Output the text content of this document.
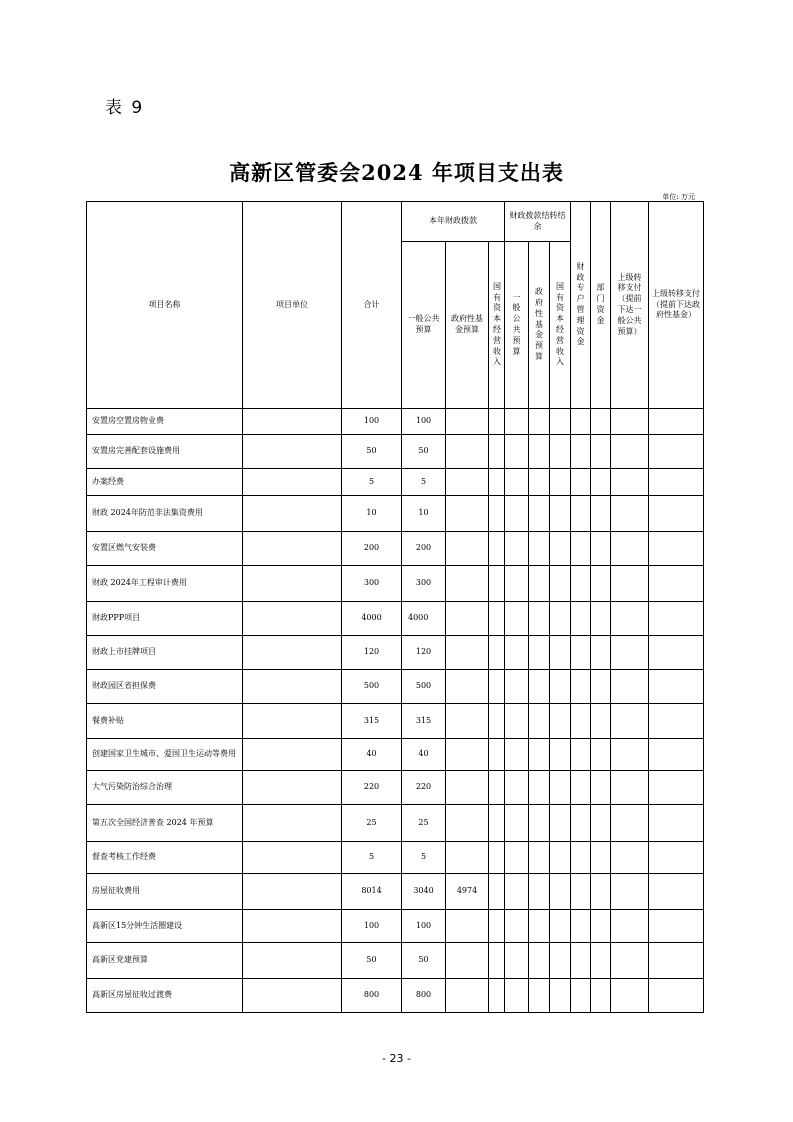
表 9
高新区管委会2024 年项目支出表
单位: 万元
项目名称	项目单位	合计	本年财政拨款			财政拨款结转结余			财政专户管理资金	部门资金	上级转移支付（提前下达一般公共预算）	上级转移支付（提前下达政府性基金）
			一般公共预算	政府性基金预算	国有资本经营收入	一般公共预算	政府性基金预算	国有资本经营收入				
安置房空置房物业费		100	100									
安置房完善配套设施费用		50	50									
办案经费		5	5									
财政 2024年防范非法集资费用		10	10									
安置区燃气安装费		200	200									
财政 2024年工程审计费用		300	300									
财政PPP项目		4000	4000									
财政上市挂牌项目		120	120									
财政园区省担保费		500	500									
餐费补贴		315	315									
创建国家卫生城市、爱国卫生运动等费用		40	40									
大气污染防治综合治理		220	220									
第五次全国经济普查 2024 年预算		25	25									
督查考核工作经费		5	5									
房屋征收费用		8014	3040	4974								
高新区15分钟生活圈建设		100	100									
高新区党建预算		50	50									
高新区房屋征收过渡费		800	800									
- 23 -
